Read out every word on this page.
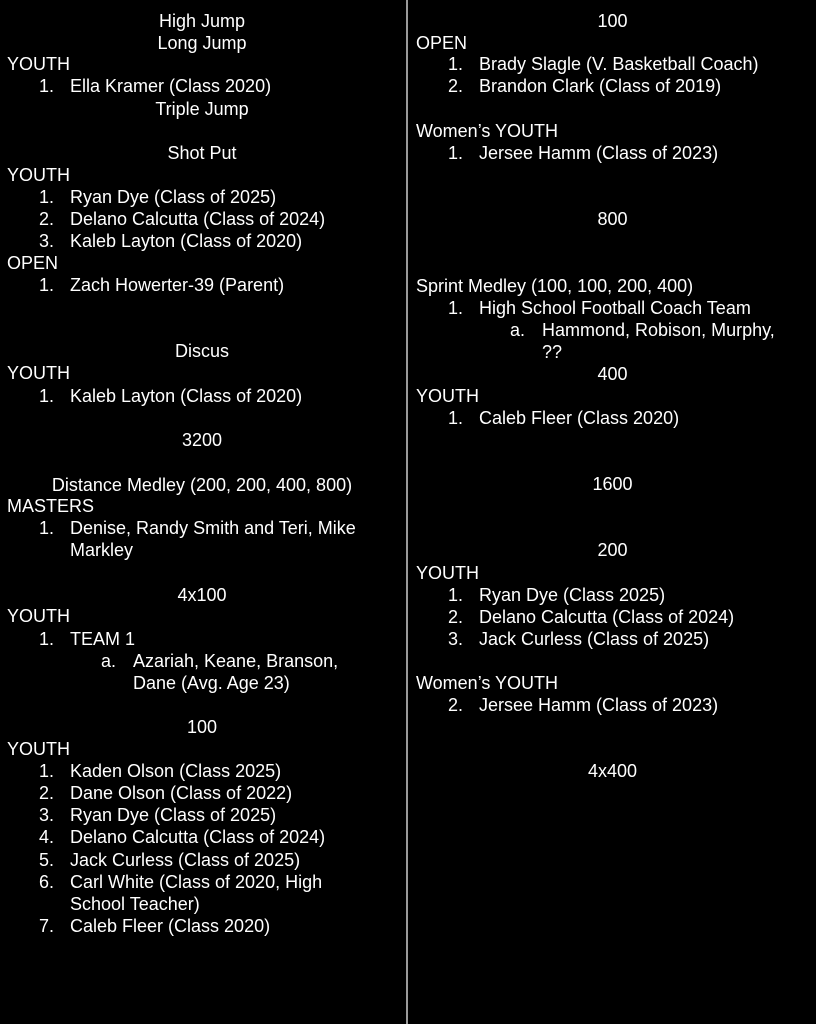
High Jump
Long Jump
YOUTH
1. Ella Kramer (Class 2020)
Triple Jump
Shot Put
YOUTH
1. Ryan Dye (Class of 2025)
2. Delano Calcutta (Class of 2024)
3. Kaleb Layton (Class of 2020)
OPEN
1. Zach Howerter-39 (Parent)
Discus
YOUTH
1. Kaleb Layton (Class of 2020)
3200
Distance Medley (200, 200, 400, 800)
MASTERS
1. Denise, Randy Smith and Teri, Mike
Markley
4x100
YOUTH
1. TEAM 1
a. Azariah, Keane, Branson,
Dane (Avg. Age 23)
100
YOUTH
1. Kaden Olson (Class 2025)
2. Dane Olson (Class of 2022)
3. Ryan Dye (Class of 2025)
4. Delano Calcutta (Class of 2024)
5. Jack Curless (Class of 2025)
6. Carl White (Class of 2020, High
School Teacher)
7. Caleb Fleer (Class 2020)
100
OPEN
1. Brady Slagle (V. Basketball Coach)
2. Brandon Clark (Class of 2019)
Women’s YOUTH
1. Jersee Hamm (Class of 2023)
800
Sprint Medley (100, 100, 200, 400)
1. High School Football Coach Team
a. Hammond, Robison, Murphy,
??
400
YOUTH
1. Caleb Fleer (Class 2020)
1600
200
YOUTH
1. Ryan Dye (Class 2025)
2. Delano Calcutta (Class of 2024)
3. Jack Curless (Class of 2025)
Women’s YOUTH
2. Jersee Hamm (Class of 2023)
4x400
